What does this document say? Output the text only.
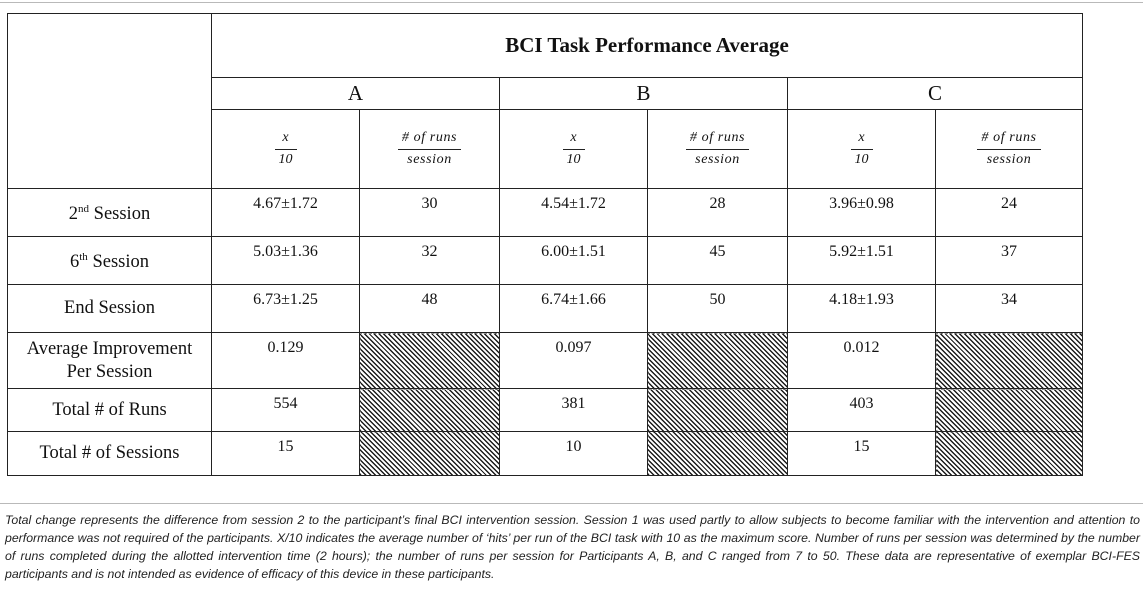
	BCI Task Performance Average					
	A		B		C	

	$\frac{x}{10}$	$\frac{\text{\# of runs}}{\text{session}}$	$\frac{x}{10}$	$\frac{\text{\# of runs}}{\text{session}}$	$\frac{x}{10}$	$\frac{\text{\# of runs}}{\text{session}}$

2nd Session	4.67±1.72	30	4.54±1.72	28	3.96±0.98	24
6th Session	5.03±1.36	32	6.00±1.51	45	5.92±1.51	37
End Session	6.73±1.25	48	6.74±1.66	50	4.18±1.93	34
Average Improvement
Per Session	0.129		0.097		0.012	
Total # of Runs	554		381		403	
Total # of Sessions	15		10		15	

Total change represents the difference from session 2 to the participant’s final BCI intervention session. Session 1 was used partly to allow subjects to become familiar with the intervention and attention to performance was not required of the participants. X/10 indicates the average number of ‘hits’ per run of the BCI task with 10 as the maximum score. Number of runs per session was determined by the number of runs completed during the allotted intervention time (2 hours); the number of runs per session for Participants A, B, and C ranged from 7 to 50. These data are representative of exemplar BCI-FES participants and is not intended as evidence of efficacy of this device in these participants.
